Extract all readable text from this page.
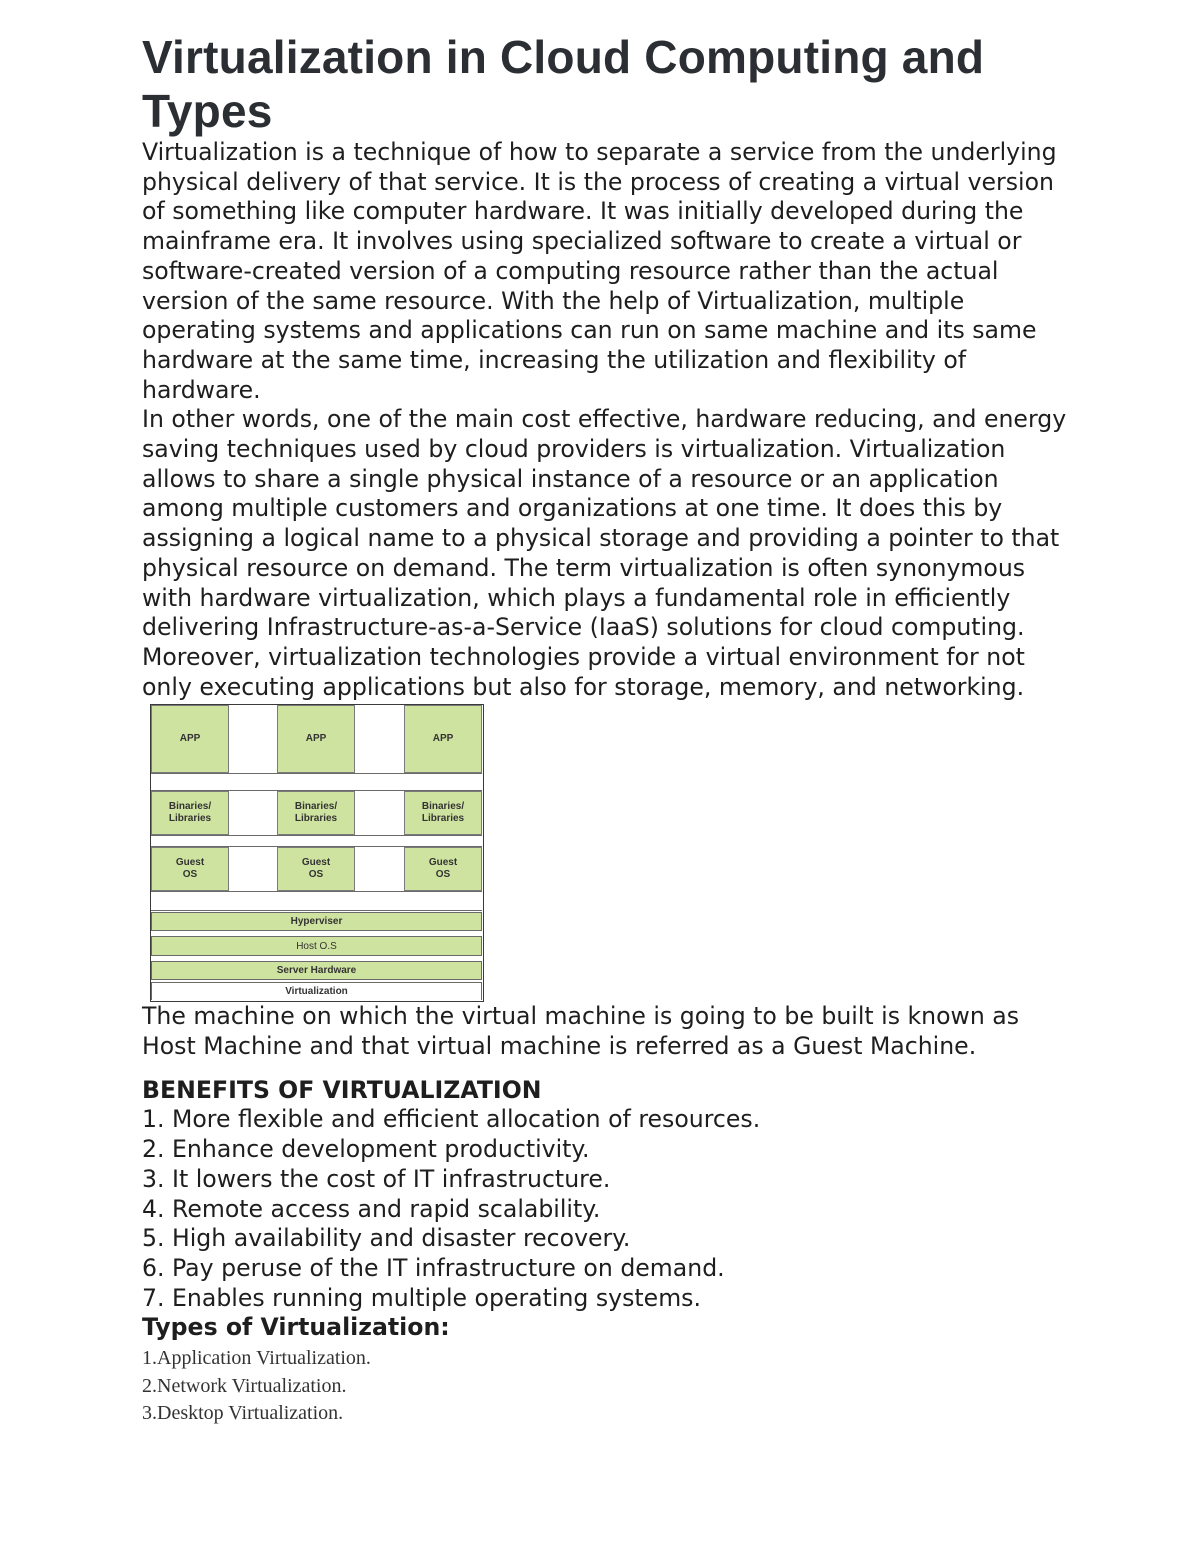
Virtualization in Cloud Computing and Types

Virtualization is a technique of how to separate a service from the underlying physical delivery of that service. It is the process of creating a virtual version of something like computer hardware. It was initially developed during the mainframe era. It involves using specialized software to create a virtual or software-created version of a computing resource rather than the actual version of the same resource. With the help of Virtualization, multiple operating systems and applications can run on same machine and its same hardware at the same time, increasing the utilization and flexibility of hardware.

In other words, one of the main cost effective, hardware reducing, and energy saving techniques used by cloud providers is virtualization. Virtualization allows to share a single physical instance of a resource or an application among multiple customers and organizations at one time. It does this by assigning a logical name to a physical storage and providing a pointer to that physical resource on demand. The term virtualization is often synonymous with hardware virtualization, which plays a fundamental role in efficiently delivering Infrastructure-as-a-Service (IaaS) solutions for cloud computing. Moreover, virtualization technologies provide a virtual environment for not only executing applications but also for storage, memory, and networking.

APP	APP	APP
Binaries/
Libraries
Binaries/
Libraries
Binaries/
Libraries
Guest
OS
Guest
OS
Guest
OS
Hyperviser
Host O.S
Server Hardware
Virtualization

The machine on which the virtual machine is going to be built is known as Host Machine and that virtual machine is referred as a Guest Machine.

BENEFITS OF VIRTUALIZATION
1. More flexible and efficient allocation of resources.
2. Enhance development productivity.
3. It lowers the cost of IT infrastructure.
4. Remote access and rapid scalability.
5. High availability and disaster recovery.
6. Pay peruse of the IT infrastructure on demand.
7. Enables running multiple operating systems.
Types of Virtualization:
1.Application Virtualization.
2.Network Virtualization.
3.Desktop Virtualization.
